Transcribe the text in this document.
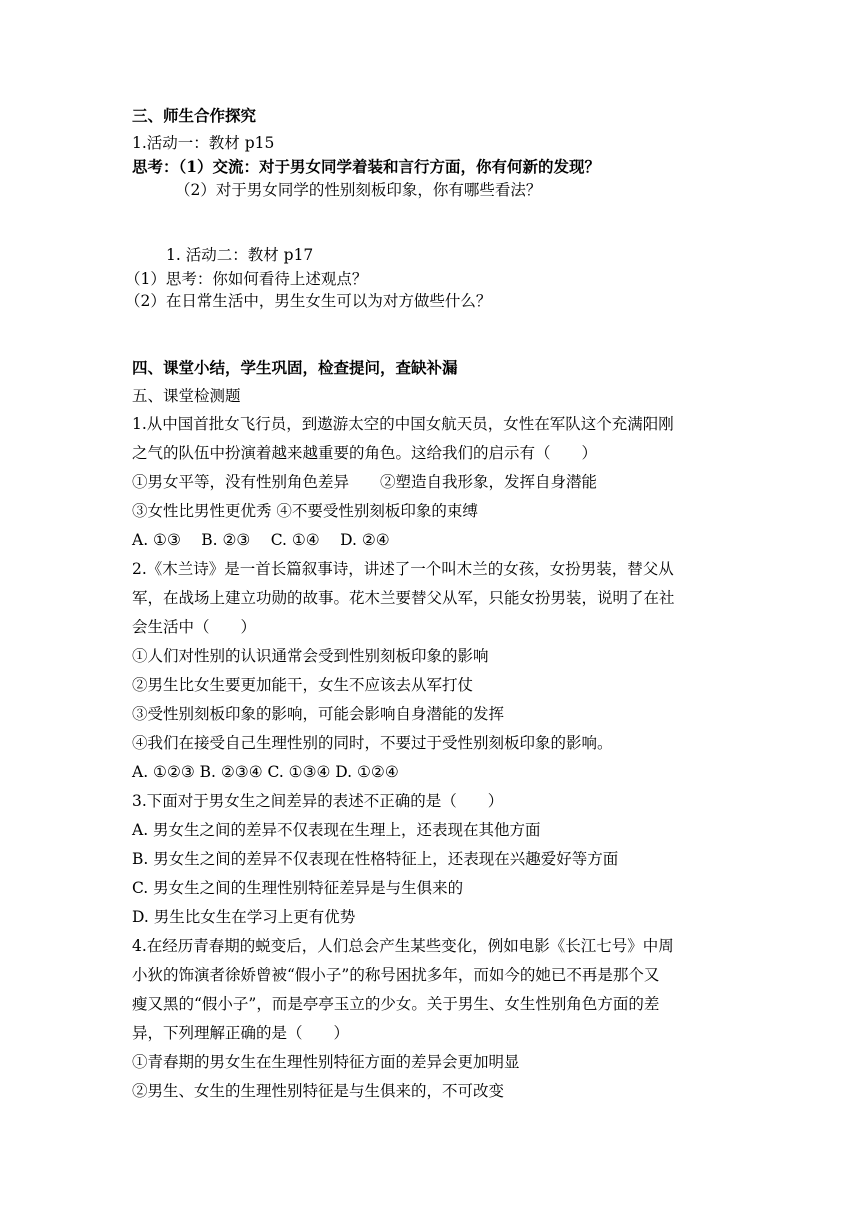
三、师生合作探究
1.活动一：教材 p15
思考：（1）交流：对于男女同学着装和言行方面，你有何新的发现？
（2）对于男女同学的性别刻板印象，你有哪些看法？
1. 活动二：教材 p17
（1）思考：你如何看待上述观点？
（2）在日常生活中，男生女生可以为对方做些什么？
四、课堂小结，学生巩固，检查提问，查缺补漏
五、课堂检测题
1.从中国首批女飞行员，到遨游太空的中国女航天员，女性在军队这个充满阳刚
之气的队伍中扮演着越来越重要的角色。这给我们的启示有（　　）
①男女平等，没有性别角色差异　　②塑造自我形象，发挥自身潜能
③女性比男性更优秀 ④不要受性别刻板印象的束缚
A. ①③　 B. ②③　 C. ①④　 D. ②④
2.《木兰诗》是一首长篇叙事诗，讲述了一个叫木兰的女孩，女扮男装，替父从
军，在战场上建立功勋的故事。花木兰要替父从军，只能女扮男装，说明了在社
会生活中（　　）
①人们对性别的认识通常会受到性别刻板印象的影响
②男生比女生要更加能干，女生不应该去从军打仗
③受性别刻板印象的影响，可能会影响自身潜能的发挥
④我们在接受自己生理性别的同时，不要过于受性别刻板印象的影响。
A. ①②③ B. ②③④ C. ①③④ D. ①②④
3.下面对于男女生之间差异的表述不正确的是（　　）
A. 男女生之间的差异不仅表现在生理上，还表现在其他方面
B. 男女生之间的差异不仅表现在性格特征上，还表现在兴趣爱好等方面
C. 男女生之间的生理性别特征差异是与生俱来的
D. 男生比女生在学习上更有优势
4.在经历青春期的蜕变后，人们总会产生某些变化，例如电影《长江七号》中周
小狄的饰演者徐娇曾被“假小子”的称号困扰多年，而如今的她已不再是那个又
瘦又黑的“假小子”，而是亭亭玉立的少女。关于男生、女生性别角色方面的差
异，下列理解正确的是（　　）
①青春期的男女生在生理性别特征方面的差异会更加明显
②男生、女生的生理性别特征是与生俱来的，不可改变
